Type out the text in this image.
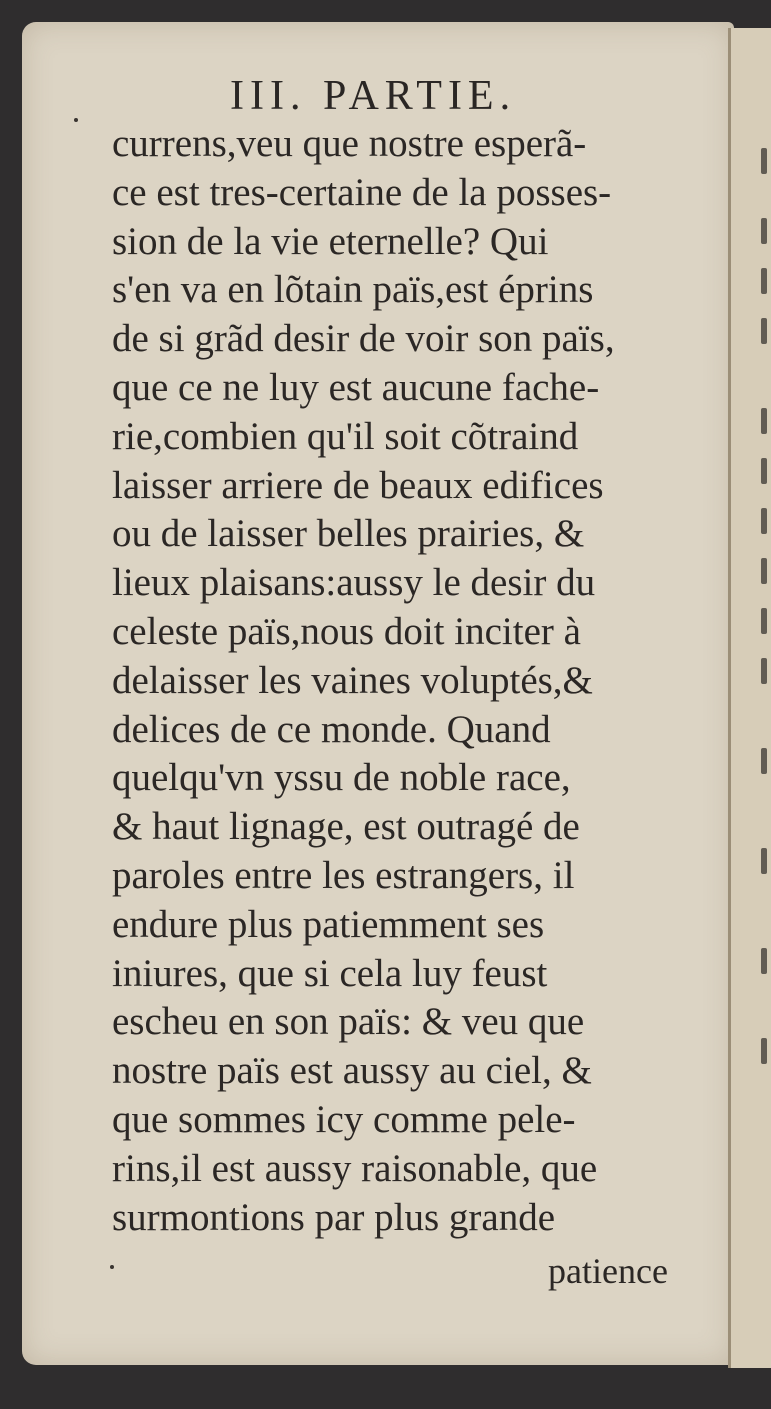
III. PARTIE.
currens,veu que nostre esperã-
ce est tres-certaine de la posses-
sion de la vie eternelle? Qui
s'en va en lõtain païs,est éprins
de si grãd desir de voir son païs,
que ce ne luy est aucune fache-
rie,combien qu'il soit cõtraind
laisser arriere de beaux edifices
ou de laisser belles prairies, &
lieux plaisans:aussy le desir du
celeste païs,nous doit inciter à
delaisser les vaines voluptés,&
delices de ce monde. Quand
quelqu'vn yssu de noble race,
& haut lignage, est outragé de
paroles entre les estrangers, il
endure plus patiemment ses
iniures, que si cela luy feust
escheu en son païs: & veu que
nostre païs est aussy au ciel, &
que sommes icy comme pele-
rins,il est aussy raisonable, que
surmontions par plus grande
patience
